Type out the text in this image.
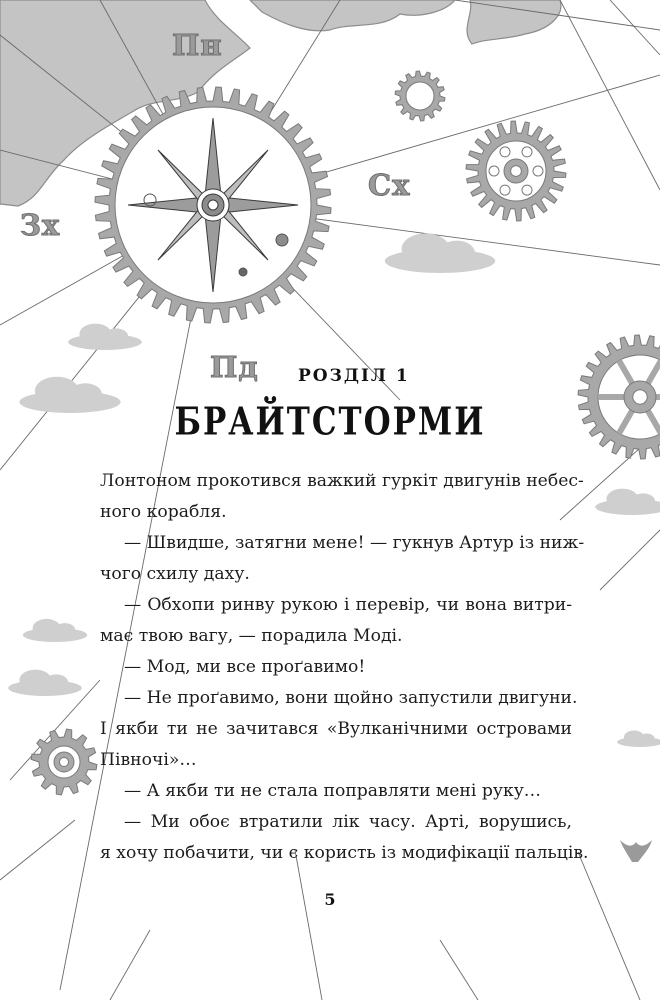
Пн
Сх
Зх
Пд РОЗДІЛ 1
БРАЙТСТОРМИ
Лонтоном прокотився важкий гуркіт двигунів небес-
ного корабля.
— Швидше, затягни мене! — гукнув Артур із ниж-
чого схилу даху.
— Обхопи ринву рукою і перевір, чи вона витри-
має твою вагу, — порадила Моді.
— Мод, ми все проґавимо!
— Не проґавимо, вони щойно запустили двигуни.
І якби ти не зачитався «Вулканічними островами
Півночі»…
— А якби ти не стала поправляти мені руку…
— Ми обоє втратили лік часу. Арті, ворушись,
я хочу побачити, чи є користь із модифікації пальців.
5
